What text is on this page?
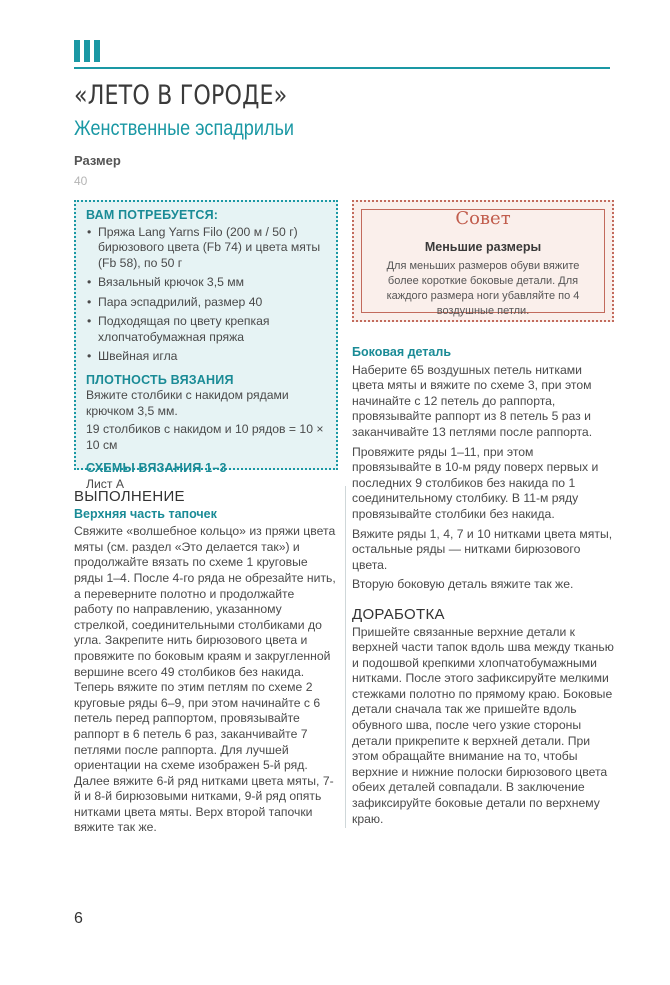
«ЛЕТО В ГОРОДЕ»
Женственные эспадрильи
Размер
40

ВАМ ПОТРЕБУЕТСЯ:

• Пряжа Lang Yarns Filo (200 м / 50 г) бирюзового цвета (Fb 74) и цвета мяты (Fb 58), по 50 г
• Вязальный крючок 3,5 мм
• Пара эспадрилий, размер 40
• Подходящая по цвету крепкая хлопчатобумажная пряжа
• Швейная игла

ПЛОТНОСТЬ ВЯЗАНИЯ

Вяжите столбики с накидом рядами крючком 3,5 мм.

19 столбиков с накидом и 10 рядов = 10 × 10 см

СХЕМЫ ВЯЗАНИЯ 1–3

Лист А

Совет
Меньшие размеры
Для меньших размеров обуви вяжите более короткие боковые детали. Для каждого размера ноги убавляйте по 4 воздушные петли.
ВЫПОЛНЕНИЕ
Верхняя часть тапочек

Свяжите «волшебное кольцо» из пряжи цвета мяты (см. раздел «Это делается так») и продолжайте вязать по схеме 1 круговые ряды 1–4. После 4-го ряда не обрезайте нить, а переверните полотно и продолжайте работу по направлению, указанному стрелкой, соединительными столбиками до угла. Закрепите нить бирюзового цвета и провяжите по боковым краям и закругленной вершине всего 49 столбиков без накида. Теперь вяжите по этим петлям по схеме 2 круговые ряды 6–9, при этом начинайте с 6 петель перед раппортом, провязывайте раппорт в 6 петель 6 раз, заканчивайте 7 петлями после раппорта. Для лучшей ориентации на схеме изображен 5-й ряд. Далее вяжите 6-й ряд нитками цвета мяты, 7-й и 8-й бирюзовыми нитками, 9-й ряд опять нитками цвета мяты. Верх второй тапочки вяжите так же.

Боковая деталь

Наберите 65 воздушных петель нитками цвета мяты и вяжите по схеме 3, при этом начинайте с 12 петель до раппорта, провязывайте раппорт из 8 петель 5 раз и заканчивайте 13 петлями после раппорта.

Провяжите ряды 1–11, при этом провязывайте в 10-м ряду поверх первых и последних 9 столбиков без накида по 1 соединительному столбику. В 11-м ряду провязывайте столбики без накида.

Вяжите ряды 1, 4, 7 и 10 нитками цвета мяты, остальные ряды — нитками бирюзового цвета.

Вторую боковую деталь вяжите так же.

ДОРАБОТКА

Пришейте связанные верхние детали к верхней части тапок вдоль шва между тканью и подошвой крепкими хлопчатобумажными нитками. После этого зафиксируйте мелкими стежками полотно по прямому краю. Боковые детали сначала так же пришейте вдоль обувного шва, после чего узкие стороны детали прикрепите к верхней детали. При этом обращайте внимание на то, чтобы верхние и нижние полоски бирюзового цвета обеих деталей совпадали. В заключение зафиксируйте боковые детали по верхнему краю.

6
